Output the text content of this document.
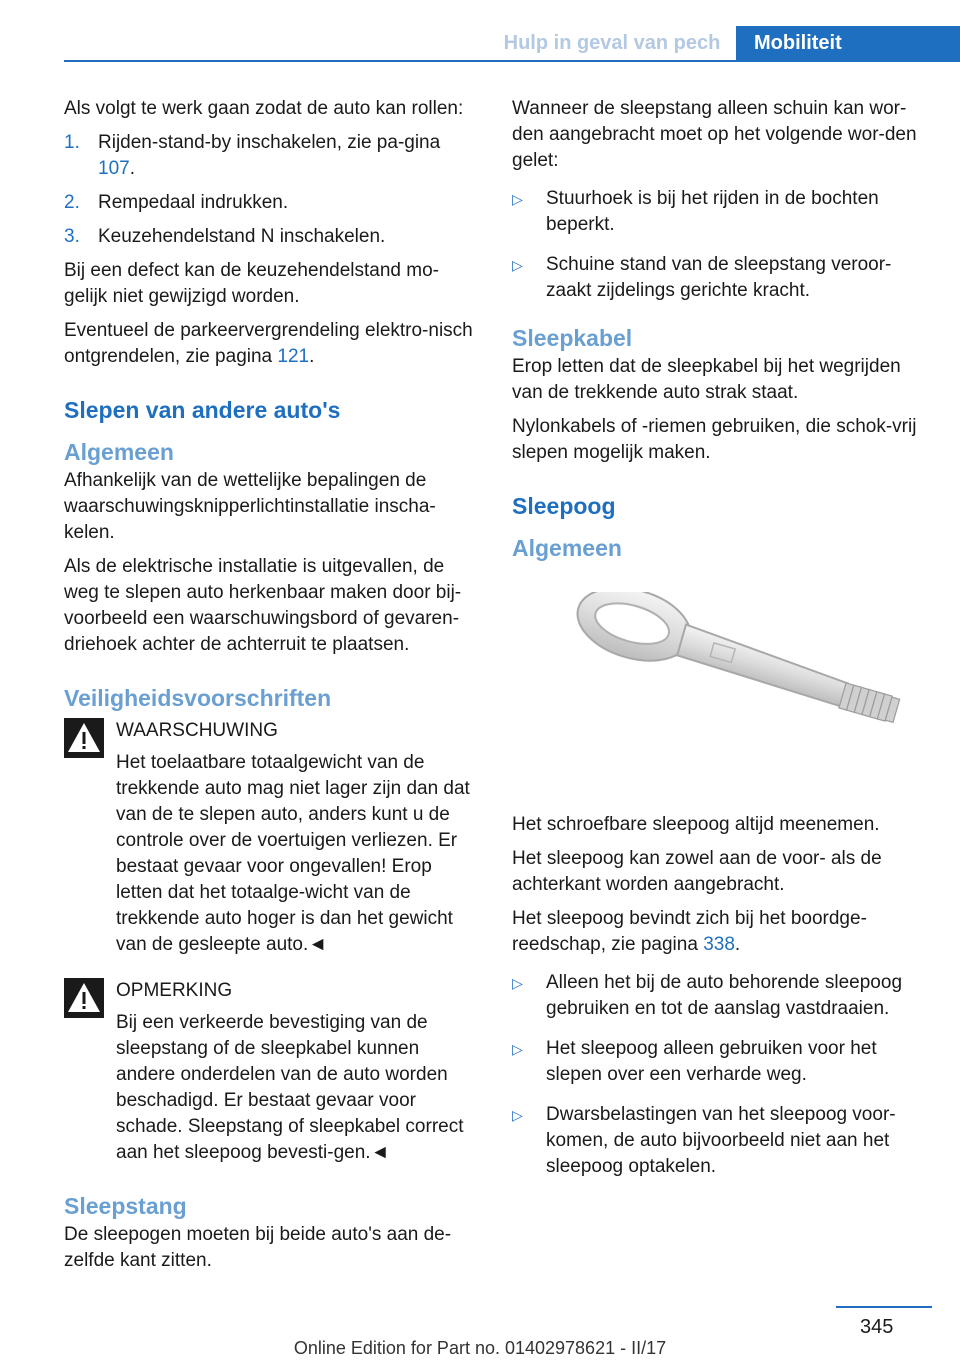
Hulp in geval van pech	Mobiliteit

Als volgt te werk gaan zodat de auto kan rollen:

1. Rijden-stand-by inschakelen, zie pa-gina 107.
2. Rempedaal indrukken.
3. Keuzehendelstand N inschakelen.

Bij een defect kan de keuzehendelstand mo-gelijk niet gewijzigd worden.

Eventueel de parkeervergrendeling elektro-nisch ontgrendelen, zie pagina 121.

Slepen van andere auto's
Algemeen

Afhankelijk van de wettelijke bepalingen de waarschuwingsknipperlichtinstallatie inscha-kelen.

Als de elektrische installatie is uitgevallen, de weg te slepen auto herkenbaar maken door bij-voorbeeld een waarschuwingsbord of gevaren-driehoek achter de achterruit te plaatsen.

Veiligheidsvoorschriften
WAARSCHUWING
Het toelaatbare totaalgewicht van de trekkende auto mag niet lager zijn dan dat van de te slepen auto, anders kunt u de controle over de voertuigen verliezen. Er bestaat gevaar voor ongevallen! Erop letten dat het totaalge-wicht van de trekkende auto hoger is dan het gewicht van de gesleepte auto.◄
OPMERKING
Bij een verkeerde bevestiging van de sleepstang of de sleepkabel kunnen andere onderdelen van de auto worden beschadigd. Er bestaat gevaar voor schade. Sleepstang of sleepkabel correct aan het sleepoog bevesti-gen.◄
Sleepstang

De sleepogen moeten bij beide auto's aan de-zelfde kant zitten.

Wanneer de sleepstang alleen schuin kan wor-den aangebracht moet op het volgende wor-den gelet:

▷ Stuurhoek is bij het rijden in de bochten beperkt.
▷ Schuine stand van de sleepstang veroor-zaakt zijdelings gerichte kracht.
Sleepkabel

Erop letten dat de sleepkabel bij het wegrijden van de trekkende auto strak staat.

Nylonkabels of -riemen gebruiken, die schok-vrij slepen mogelijk maken.

Sleepoog
Algemeen

Het schroefbare sleepoog altijd meenemen.

Het sleepoog kan zowel aan de voor- als de achterkant worden aangebracht.

Het sleepoog bevindt zich bij het boordge-reedschap, zie pagina 338.

▷ Alleen het bij de auto behorende sleepoog gebruiken en tot de aanslag vastdraaien.
▷ Het sleepoog alleen gebruiken voor het slepen over een verharde weg.
▷ Dwarsbelastingen van het sleepoog voor-komen, de auto bijvoorbeeld niet aan het sleepoog optakelen.
345
Online Edition for Part no. 01402978621 - II/17
